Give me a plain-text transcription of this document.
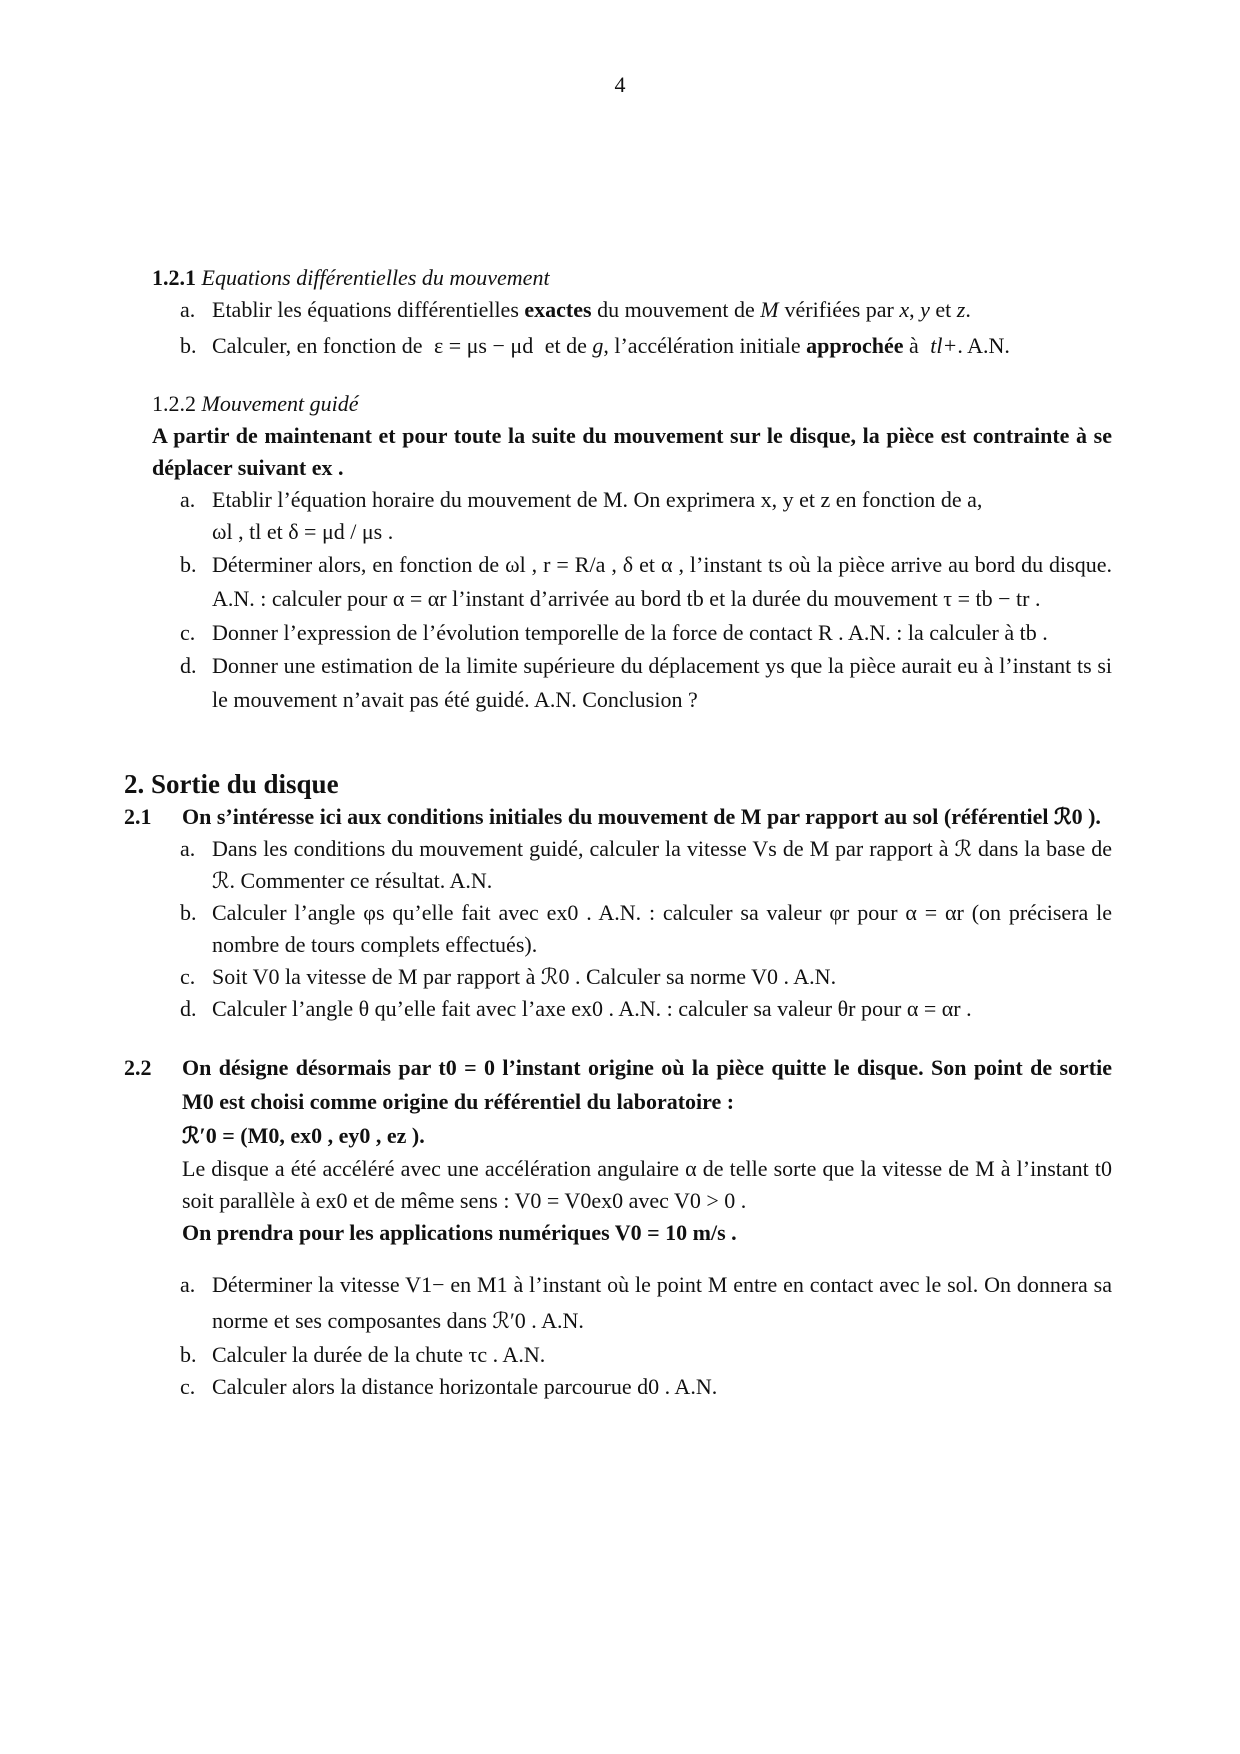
4
1.2.1 Equations différentielles du mouvement
a. Etablir les équations différentielles exactes du mouvement de M vérifiées par x, y et z.
b. Calculer, en fonction de ε = μs − μd et de g, l’accélération initiale approchée à tl+. A.N.
1.2.2 Mouvement guidé
A partir de maintenant et pour toute la suite du mouvement sur le disque, la pièce est contrainte à se déplacer suivant ex .
a. Etablir l’équation horaire du mouvement de M. On exprimera x, y et z en fonction de a,
ωl , tl et δ = μd / μs .
b. Déterminer alors, en fonction de ωl , r = R/a , δ et α , l’instant ts où la pièce arrive au bord du disque. A.N. : calculer pour α = αr l’instant d’arrivée au bord tb et la durée du mouvement τ = tb − tr .
c. Donner l’expression de l’évolution temporelle de la force de contact R . A.N. : la calculer à tb .
d. Donner une estimation de la limite supérieure du déplacement ys que la pièce aurait eu à l’instant ts si le mouvement n’avait pas été guidé. A.N. Conclusion ?
2. Sortie du disque
2.1 On s’intéresse ici aux conditions initiales du mouvement de M par rapport au sol (référentiel ℛ0 ).
a. Dans les conditions du mouvement guidé, calculer la vitesse Vs de M par rapport à ℛ dans la base de ℛ. Commenter ce résultat. A.N.
b. Calculer l’angle φs qu’elle fait avec ex0 . A.N. : calculer sa valeur φr pour α = αr (on précisera le nombre de tours complets effectués).
c. Soit V0 la vitesse de M par rapport à ℛ0 . Calculer sa norme V0 . A.N.
d. Calculer l’angle θ qu’elle fait avec l’axe ex0 . A.N. : calculer sa valeur θr pour α = αr .
2.2 On désigne désormais par t0 = 0 l’instant origine où la pièce quitte le disque. Son point de sortie M0 est choisi comme origine du référentiel du laboratoire :
ℛ′0 = (M0, ex0 , ey0 , ez ).
Le disque a été accéléré avec une accélération angulaire α de telle sorte que la vitesse de M à l’instant t0 soit parallèle à ex0 et de même sens : V0 = V0ex0 avec V0 > 0 .
On prendra pour les applications numériques V0 = 10 m/s .
a. Déterminer la vitesse V1− en M1 à l’instant où le point M entre en contact avec le sol. On donnera sa norme et ses composantes dans ℛ′0 . A.N.
b. Calculer la durée de la chute τc . A.N.
c. Calculer alors la distance horizontale parcourue d0 . A.N.
